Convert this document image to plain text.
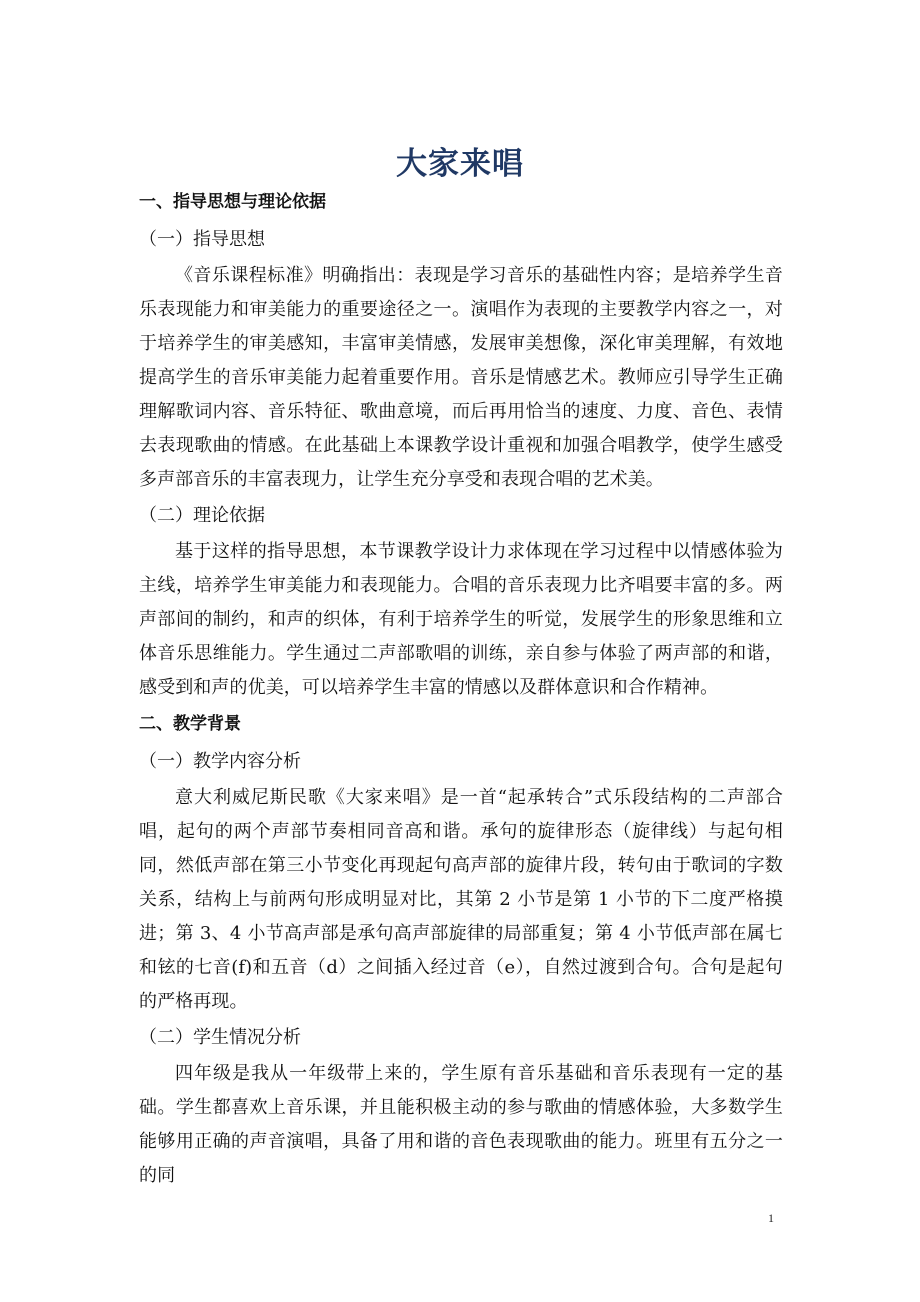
大家来唱
一、指导思想与理论依据
（一）指导思想

《音乐课程标准》明确指出：表现是学习音乐的基础性内容；是培养学生音乐表现能力和审美能力的重要途径之一。演唱作为表现的主要教学内容之一，对于培养学生的审美感知，丰富审美情感，发展审美想像，深化审美理解，有效地提高学生的音乐审美能力起着重要作用。音乐是情感艺术。教师应引导学生正确理解歌词内容、音乐特征、歌曲意境，而后再用恰当的速度、力度、音色、表情去表现歌曲的情感。在此基础上本课教学设计重视和加强合唱教学，使学生感受多声部音乐的丰富表现力，让学生充分享受和表现合唱的艺术美。

（二）理论依据

基于这样的指导思想，本节课教学设计力求体现在学习过程中以情感体验为主线，培养学生审美能力和表现能力。合唱的音乐表现力比齐唱要丰富的多。两声部间的制约，和声的织体，有利于培养学生的听觉，发展学生的形象思维和立体音乐思维能力。学生通过二声部歌唱的训练，亲自参与体验了两声部的和谐，感受到和声的优美，可以培养学生丰富的情感以及群体意识和合作精神。

二、教学背景
（一）教学内容分析

意大利威尼斯民歌《大家来唱》是一首“起承转合”式乐段结构的二声部合唱，起句的两个声部节奏相同音高和谐。承句的旋律形态（旋律线）与起句相同，然低声部在第三小节变化再现起句高声部的旋律片段，转句由于歌词的字数关系，结构上与前两句形成明显对比，其第 2 小节是第 1 小节的下二度严格摸进；第 3、4 小节高声部是承句高声部旋律的局部重复；第 4 小节低声部在属七和铉的七音(f)和五音（d）之间插入经过音（e），自然过渡到合句。合句是起句的严格再现。

（二）学生情况分析

四年级是我从一年级带上来的，学生原有音乐基础和音乐表现有一定的基础。学生都喜欢上音乐课，并且能积极主动的参与歌曲的情感体验，大多数学生能够用正确的声音演唱，具备了用和谐的音色表现歌曲的能力。班里有五分之一的同

1
